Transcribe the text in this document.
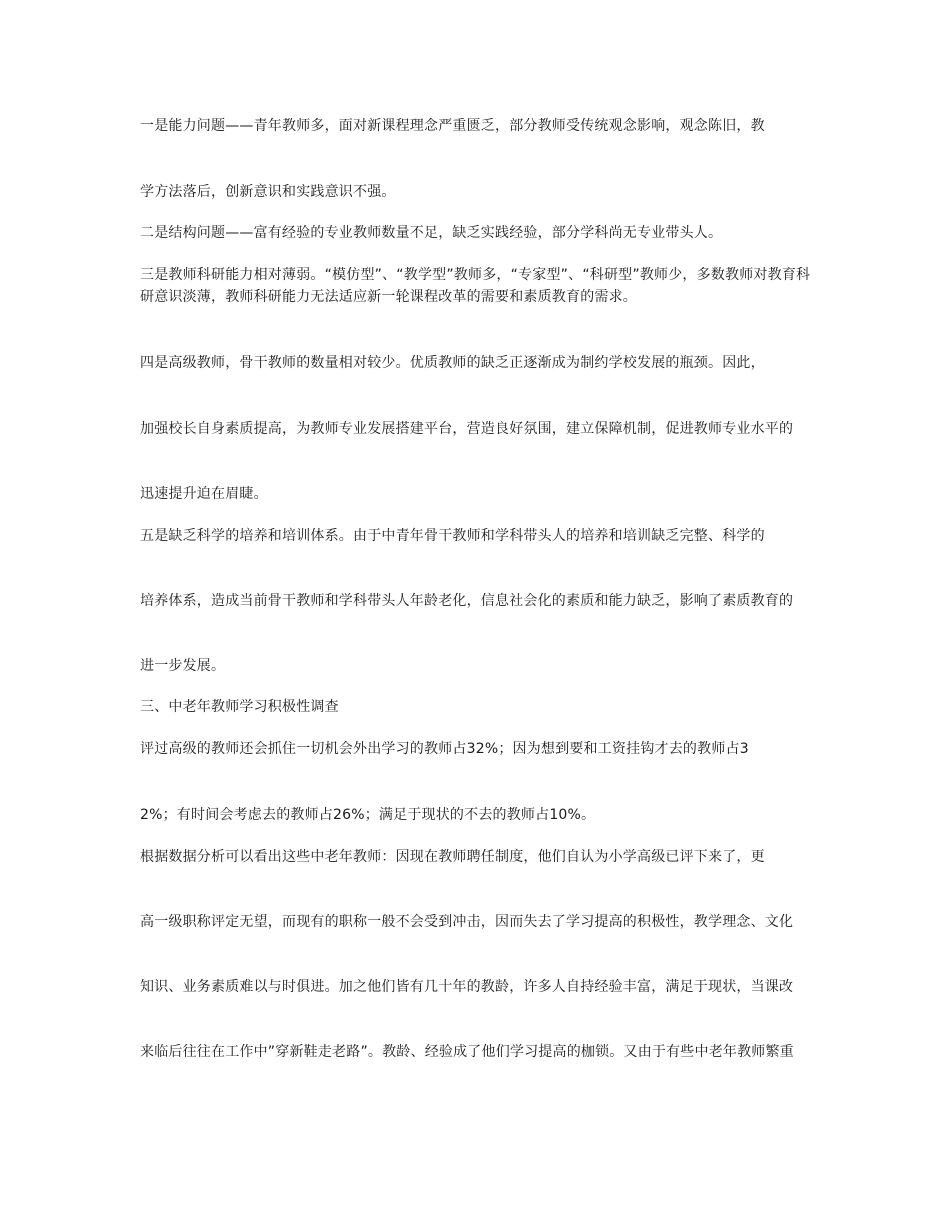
一是能力问题——青年教师多，面对新课程理念严重匮乏，部分教师受传统观念影响，观念陈旧，教
学方法落后，创新意识和实践意识不强。
二是结构问题——富有经验的专业教师数量不足，缺乏实践经验，部分学科尚无专业带头人。
三是教师科研能力相对薄弱。“模仿型”、“教学型”教师多，“专家型”、“科研型”教师少，多数教师对教育科研意识淡薄，教师科研能力无法适应新一轮课程改革的需要和素质教育的需求。
四是高级教师，骨干教师的数量相对较少。优质教师的缺乏正逐渐成为制约学校发展的瓶颈。因此，
加强校长自身素质提高，为教师专业发展搭建平台，营造良好氛围，建立保障机制，促进教师专业水平的
迅速提升迫在眉睫。
五是缺乏科学的培养和培训体系。由于中青年骨干教师和学科带头人的培养和培训缺乏完整、科学的
培养体系，造成当前骨干教师和学科带头人年龄老化，信息社会化的素质和能力缺乏，影响了素质教育的
进一步发展。
三、中老年教师学习积极性调查
评过高级的教师还会抓住一切机会外出学习的教师占32%；因为想到要和工资挂钩才去的教师占3
2%；有时间会考虑去的教师占26%；满足于现状的不去的教师占10%。
根据数据分析可以看出这些中老年教师：因现在教师聘任制度，他们自认为小学高级已评下来了，更
高一级职称评定无望，而现有的职称一般不会受到冲击，因而失去了学习提高的积极性，教学理念、文化
知识、业务素质难以与时俱进。加之他们皆有几十年的教龄，许多人自持经验丰富，满足于现状，当课改
来临后往往在工作中”穿新鞋走老路”。教龄、经验成了他们学习提高的枷锁。又由于有些中老年教师繁重
